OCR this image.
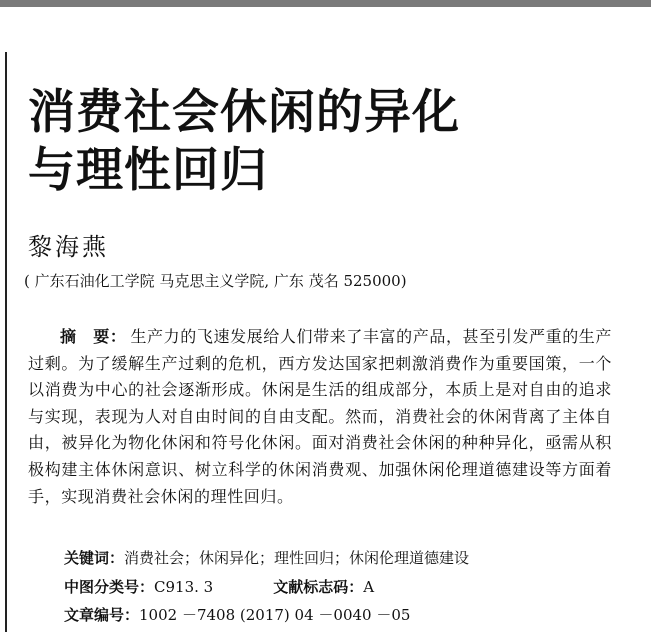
消费社会休闲的异化
与理性回归
黎海燕
( 广东石油化工学院 马克思主义学院, 广东 茂名 525000)

摘　要： 生产力的飞速发展给人们带来了丰富的产品，甚至引发严重的生产过剩。为了缓解生产过剩的危机，西方发达国家把刺激消费作为重要国策，一个以消费为中心的社会逐渐形成。休闲是生活的组成部分，本质上是对自由的追求与实现，表现为人对自由时间的自由支配。然而，消费社会的休闲背离了主体自由，被异化为物化休闲和符号化休闲。面对消费社会休闲的种种异化，亟需从积极构建主体休闲意识、树立科学的休闲消费观、加强休闲伦理道德建设等方面着手，实现消费社会休闲的理性回归。

关键词：消费社会；休闲异化；理性回归；休闲伦理道德建设
中图分类号：C913. 3	文献标志码：A
文章编号：1002 －7408 (2017) 04 －0040 －05
